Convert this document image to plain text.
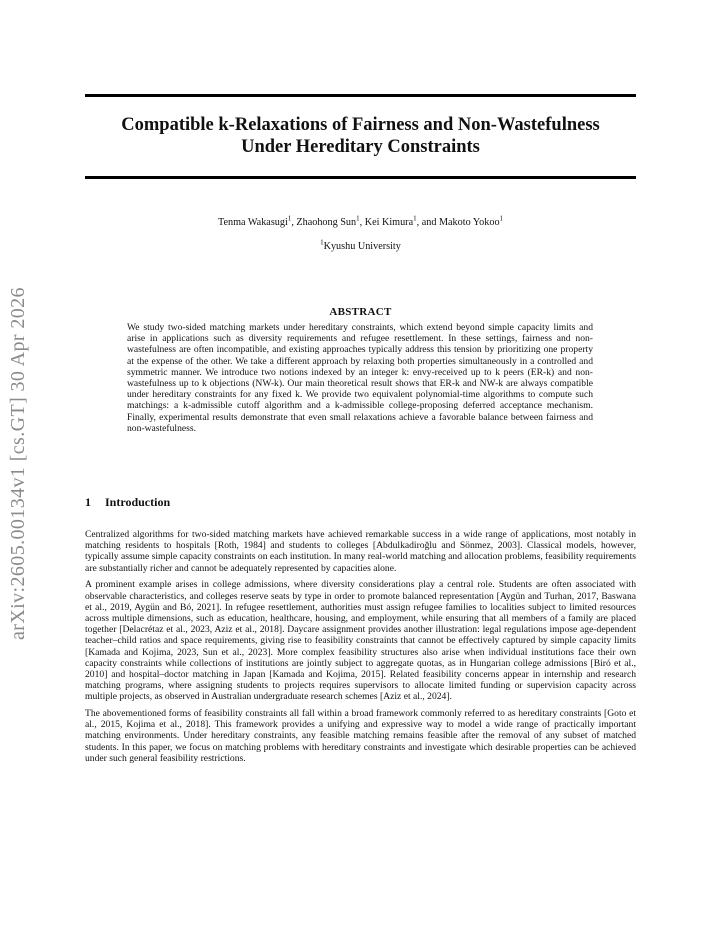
arXiv:2605.00134v1 [cs.GT] 30 Apr 2026
Compatible k-Relaxations of Fairness and Non-Wastefulness
Under Hereditary Constraints
Tenma Wakasugi$^1$, Zhaohong Sun$^1$, Kei Kimura$^1$, and Makoto Yokoo$^1$
$^1$Kyushu University
ABSTRACT
We study two-sided matching markets under hereditary constraints, which extend beyond simple capacity limits and arise in applications such as diversity requirements and refugee resettlement. In these settings, fairness and non-wastefulness are often incompatible, and existing approaches typically address this tension by prioritizing one property at the expense of the other. We take a different approach by relaxing both properties simultaneously in a controlled and symmetric manner. We introduce two notions indexed by an integer k: envy-received up to k peers (ER-k) and non-wastefulness up to k objections (NW-k). Our main theoretical result shows that ER-k and NW-k are always compatible under hereditary constraints for any fixed k. We provide two equivalent polynomial-time algorithms to compute such matchings: a k-admissible cutoff algorithm and a k-admissible college-proposing deferred acceptance mechanism. Finally, experimental results demonstrate that even small relaxations achieve a favorable balance between fairness and non-wastefulness.
1 Introduction

Centralized algorithms for two-sided matching markets have achieved remarkable success in a wide range of applications, most notably in matching residents to hospitals [Roth, 1984] and students to colleges [Abdulkadiroğlu and Sönmez, 2003]. Classical models, however, typically assume simple capacity constraints on each institution. In many real-world matching and allocation problems, feasibility requirements are substantially richer and cannot be adequately represented by capacities alone.

A prominent example arises in college admissions, where diversity considerations play a central role. Students are often associated with observable characteristics, and colleges reserve seats by type in order to promote balanced representation [Aygün and Turhan, 2017, Baswana et al., 2019, Aygün and Bó, 2021]. In refugee resettlement, authorities must assign refugee families to localities subject to limited resources across multiple dimensions, such as education, healthcare, housing, and employment, while ensuring that all members of a family are placed together [Delacrétaz et al., 2023, Aziz et al., 2018]. Daycare assignment provides another illustration: legal regulations impose age-dependent teacher–child ratios and space requirements, giving rise to feasibility constraints that cannot be effectively captured by simple capacity limits [Kamada and Kojima, 2023, Sun et al., 2023]. More complex feasibility structures also arise when individual institutions face their own capacity constraints while collections of institutions are jointly subject to aggregate quotas, as in Hungarian college admissions [Biró et al., 2010] and hospital–doctor matching in Japan [Kamada and Kojima, 2015]. Related feasibility concerns appear in internship and research matching programs, where assigning students to projects requires supervisors to allocate limited funding or supervision capacity across multiple projects, as observed in Australian undergraduate research schemes [Aziz et al., 2024].

The abovementioned forms of feasibility constraints all fall within a broad framework commonly referred to as hereditary constraints [Goto et al., 2015, Kojima et al., 2018]. This framework provides a unifying and expressive way to model a wide range of practically important matching environments. Under hereditary constraints, any feasible matching remains feasible after the removal of any subset of matched students. In this paper, we focus on matching problems with hereditary constraints and investigate which desirable properties can be achieved under such general feasibility restrictions.
